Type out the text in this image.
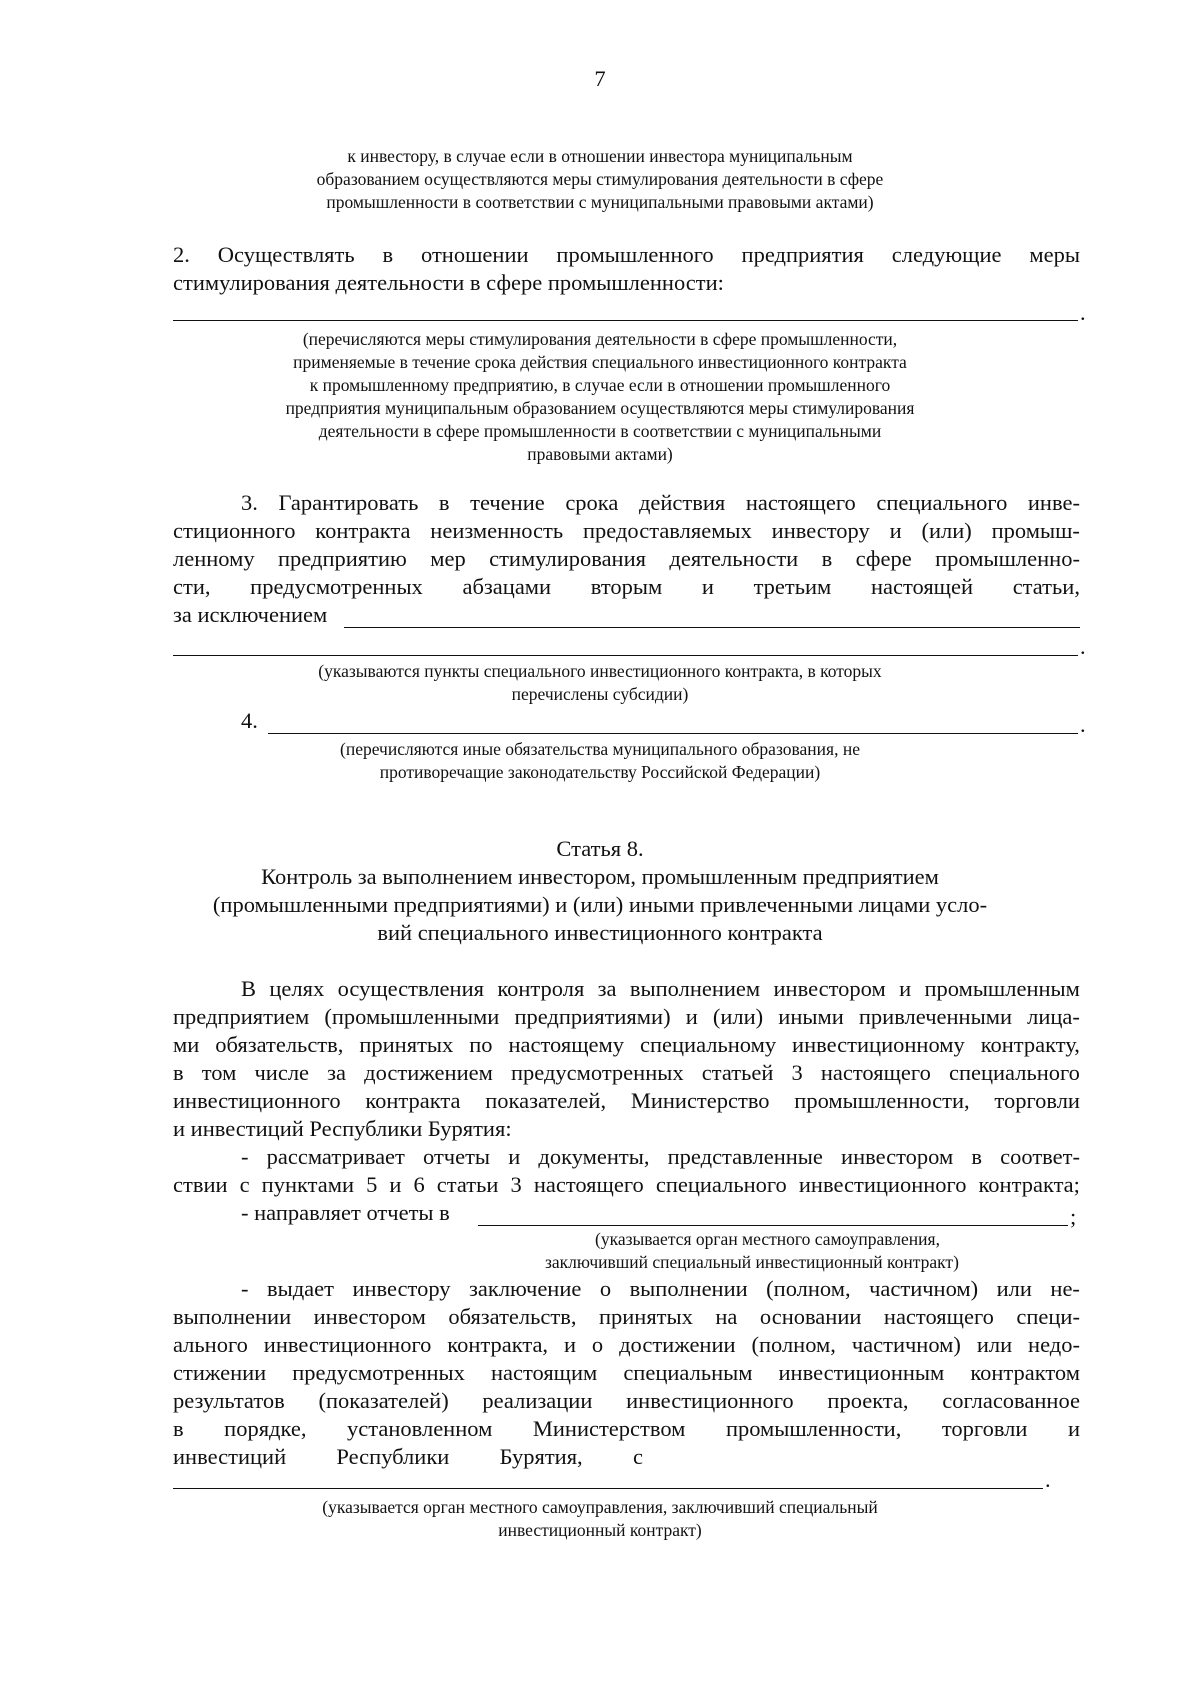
7
к инвестору, в случае если в отношении инвестора муниципальным
образованием осуществляются меры стимулирования деятельности в сфере
промышленности в соответствии с муниципальными правовыми актами)
2. Осуществлять в отношении промышленного предприятия следующие меры
стимулирования деятельности в сфере промышленности:
.
(перечисляются меры стимулирования деятельности в сфере промышленности,
применяемые в течение срока действия специального инвестиционного контракта
к промышленному предприятию, в случае если в отношении промышленного
предприятия муниципальным образованием осуществляются меры стимулирования
деятельности в сфере промышленности в соответствии с муниципальными
правовыми актами)
3. Гарантировать в течение срока действия настоящего специального инве-
стиционного контракта неизменность предоставляемых инвестору и (или) промыш-
ленному предприятию мер стимулирования деятельности в сфере промышленно-
сти, предусмотренных абзацами вторым и третьим настоящей статьи,
за исключением
.
(указываются пункты специального инвестиционного контракта, в которых
перечислены субсидии)
4.	.
(перечисляются иные обязательства муниципального образования, не
противоречащие законодательству Российской Федерации)
Статья 8.
Контроль за выполнением инвестором, промышленным предприятием
(промышленными предприятиями) и (или) иными привлеченными лицами усло-
вий специального инвестиционного контракта
В целях осуществления контроля за выполнением инвестором и промышленным
предприятием (промышленными предприятиями) и (или) иными привлеченными лица-
ми обязательств, принятых по настоящему специальному инвестиционному контракту,
в том числе за достижением предусмотренных статьей 3 настоящего специального
инвестиционного контракта показателей, Министерство промышленности, торговли
и инвестиций Республики Бурятия:
- рассматривает отчеты и документы, представленные инвестором в соответ-
ствии с пунктами 5 и 6 статьи 3 настоящего специального инвестиционного контракта;
- направляет отчеты в	;
(указывается орган местного самоуправления,
заключивший специальный инвестиционный контракт)
- выдает инвестору заключение о выполнении (полном, частичном) или не-
выполнении инвестором обязательств, принятых на основании настоящего специ-
ального инвестиционного контракта, и о достижении (полном, частичном) или недо-
стижении предусмотренных настоящим специальным инвестиционным контрактом
результатов (показателей) реализации инвестиционного проекта, согласованное
в порядке, установленном Министерством промышленности, торговли и
инвестиций Республики Бурятия, с
.
(указывается орган местного самоуправления, заключивший специальный
инвестиционный контракт)
